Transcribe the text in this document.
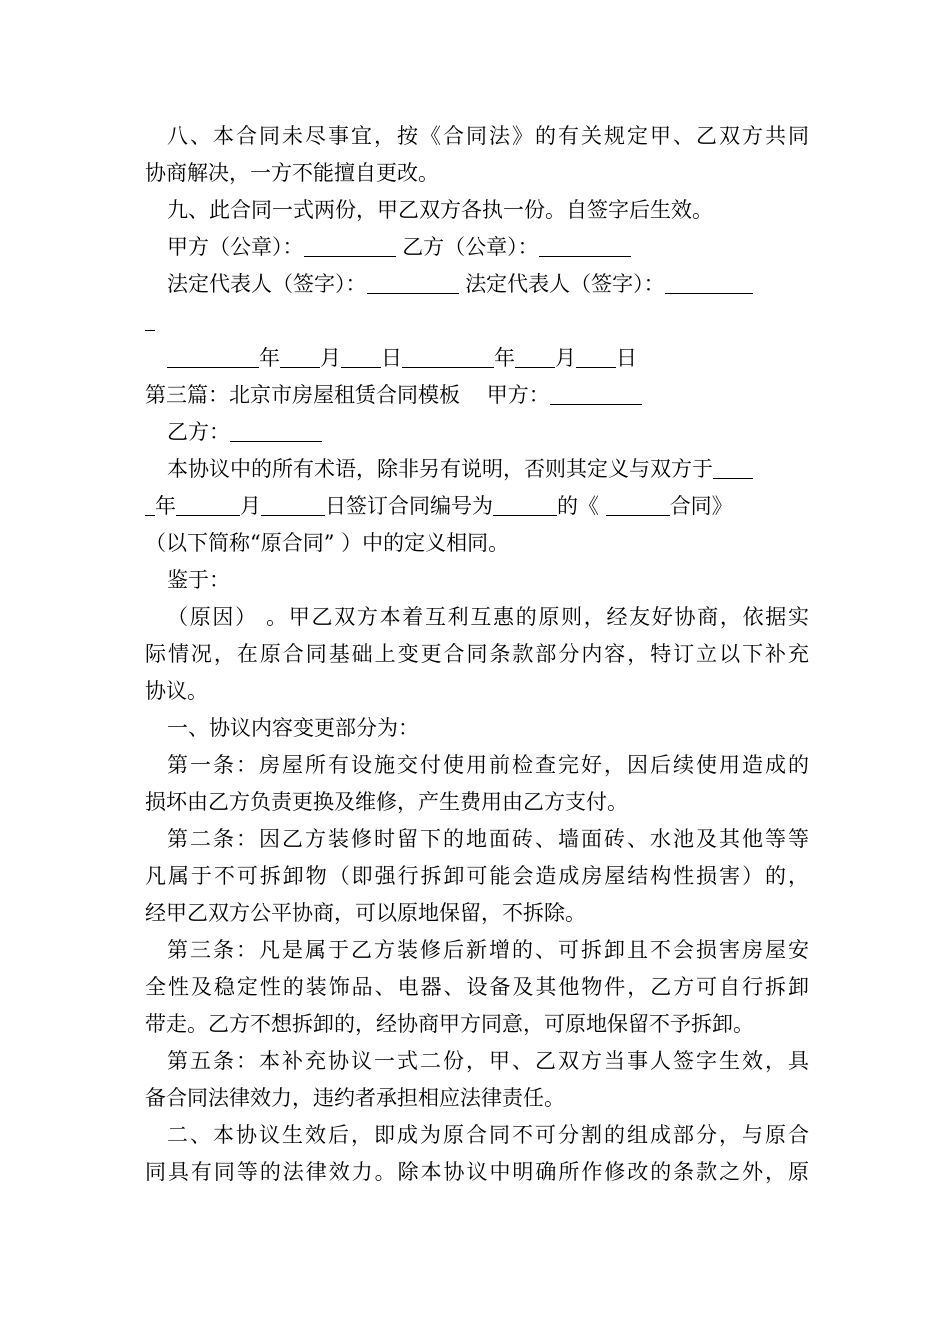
八、本合同未尽事宜，按《合同法》的有关规定甲、乙双方共同
协商解决，一方不能擅自更改。
九、此合同一式两份，甲乙双方各执一份。自签字后生效。
甲方（公章）：	乙方（公章）：
法定代表人（签字）：	法定代表人（签字）：
年 月 日	年 月 日
第三篇：北京市房屋租赁合同模板 甲方：
乙方：
本协议中的所有术语，除非另有说明，否则其定义与双方于
年	月	日签订合同编号为	的《	合同》
（以下简称“原合同” ）中的定义相同。
鉴于：
（原因） 。甲乙双方本着互利互惠的原则，经友好协商，依据实
际情况，在原合同基础上变更合同条款部分内容，特订立以下补充
协议。
一、协议内容变更部分为：
第一条：房屋所有设施交付使用前检查完好，因后续使用造成的
损坏由乙方负责更换及维修，产生费用由乙方支付。
第二条：因乙方装修时留下的地面砖、墙面砖、水池及其他等等
凡属于不可拆卸物（即强行拆卸可能会造成房屋结构性损害）的，
经甲乙双方公平协商，可以原地保留，不拆除。
第三条：凡是属于乙方装修后新增的、可拆卸且不会损害房屋安
全性及稳定性的装饰品、电器、设备及其他物件，乙方可自行拆卸
带走。乙方不想拆卸的，经协商甲方同意，可原地保留不予拆卸。
第五条：本补充协议一式二份，甲、乙双方当事人签字生效，具
备合同法律效力，违约者承担相应法律责任。
二、本协议生效后，即成为原合同不可分割的组成部分，与原合
同具有同等的法律效力。除本协议中明确所作修改的条款之外，原
